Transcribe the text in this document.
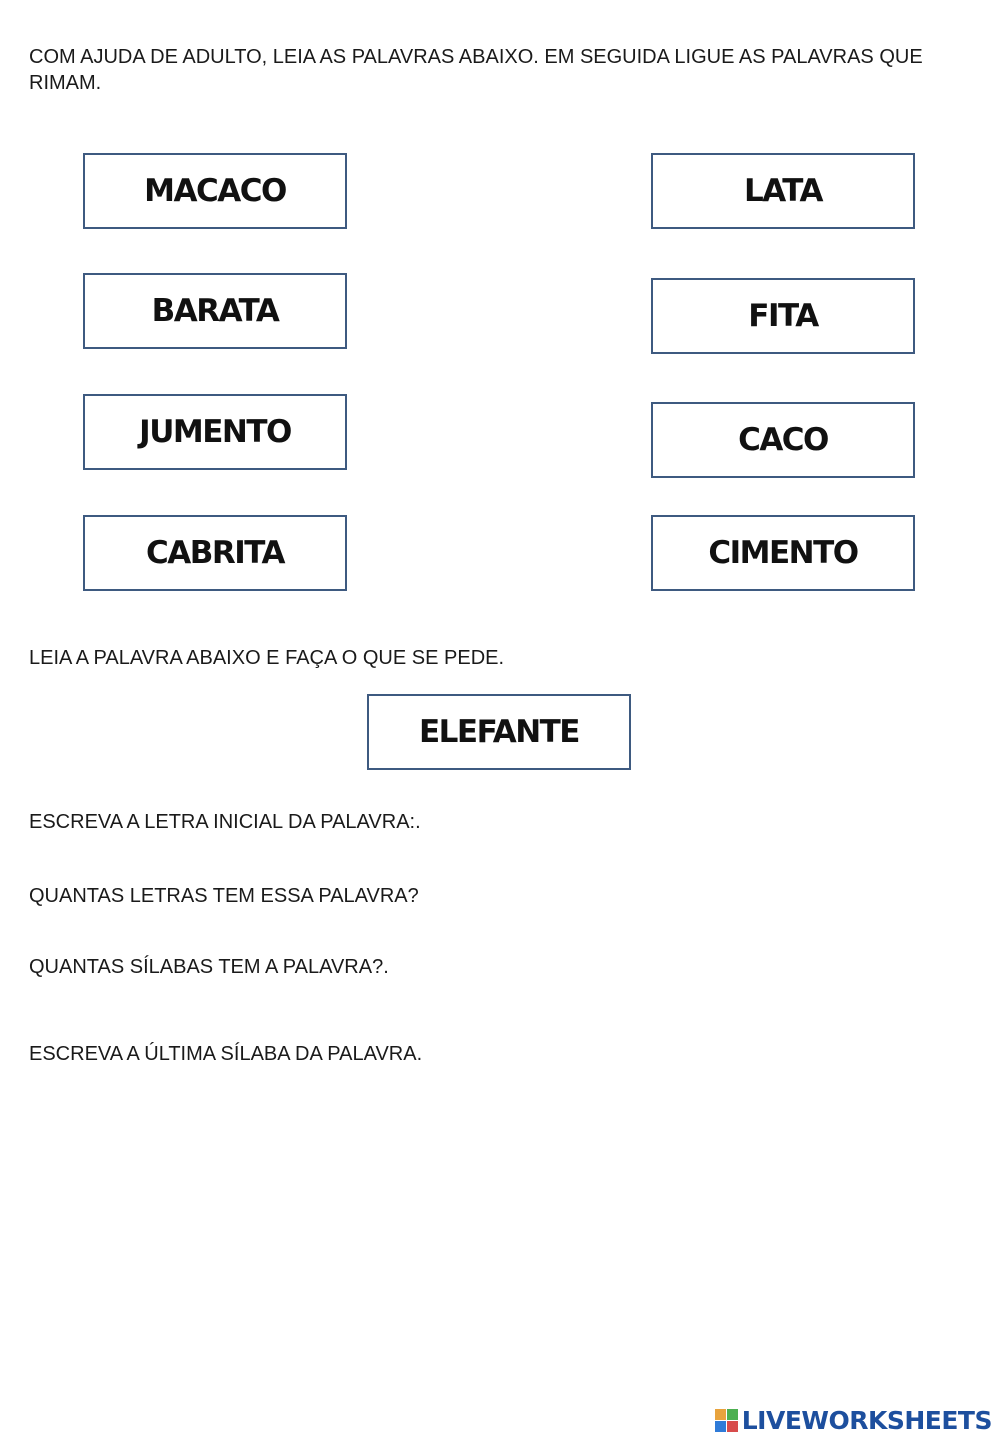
COM AJUDA DE ADULTO, LEIA AS PALAVRAS ABAIXO. EM SEGUIDA LIGUE AS PALAVRAS QUE RIMAM.
MACACO
BARATA
JUMENTO
CABRITA
LATA
FITA
CACO
CIMENTO
LEIA A PALAVRA ABAIXO E FAÇA O QUE SE PEDE.
ELEFANTE
ESCREVA A LETRA INICIAL DA PALAVRA:.
QUANTAS LETRAS TEM ESSA PALAVRA?
QUANTAS SÍLABAS TEM A PALAVRA?.
ESCREVA A ÚLTIMA SÍLABA DA PALAVRA.
LIVEWORKSHEETS
